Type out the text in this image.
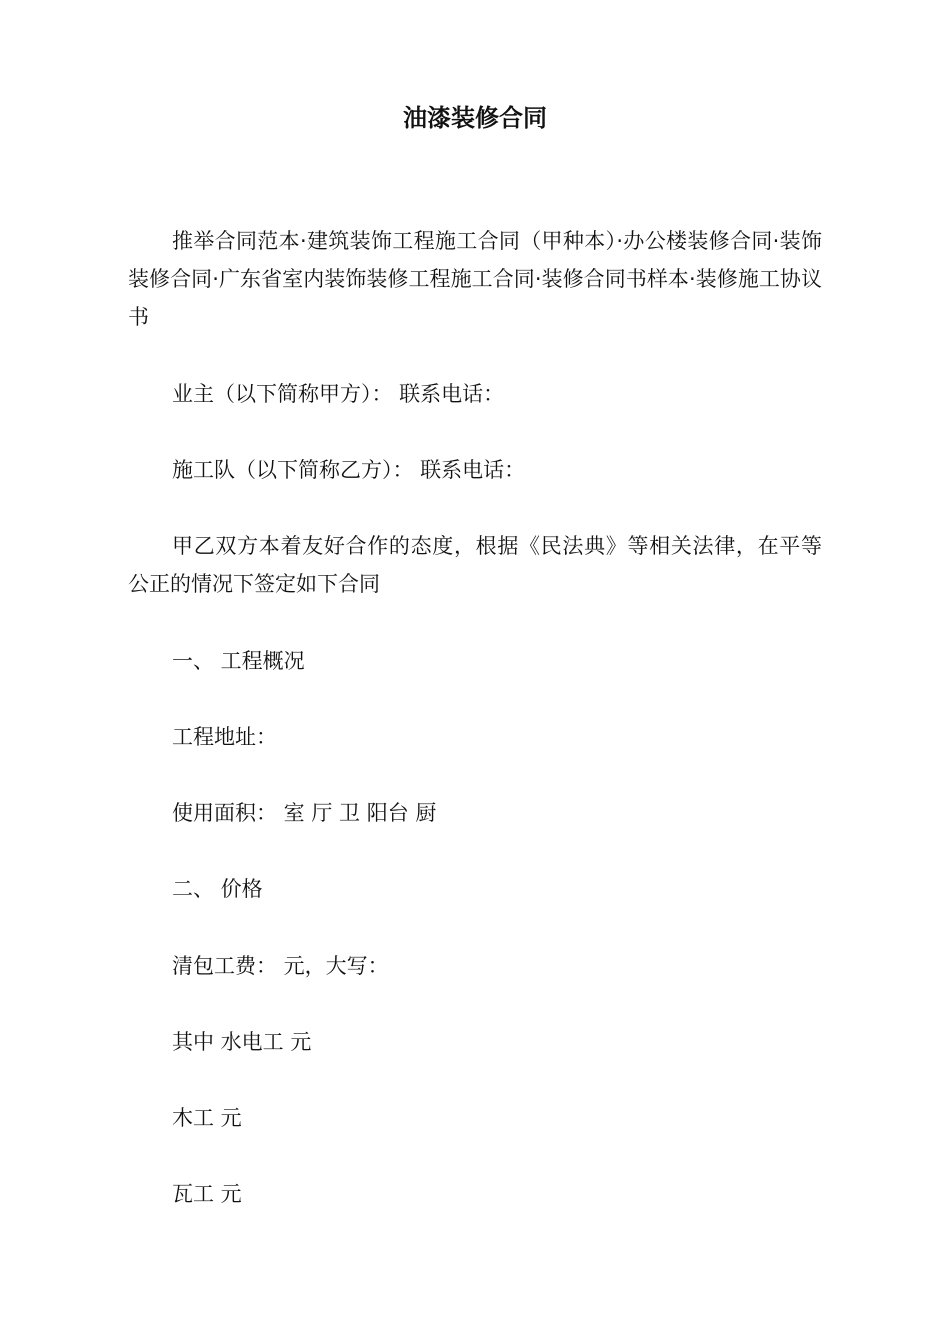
油漆装修合同
推举合同范本·建筑装饰工程施工合同（甲种本）·办公楼装修合同·装饰装修合同·广东省室内装饰装修工程施工合同·装修合同书样本·装修施工协议书
业主（以下简称甲方）： 联系电话：
施工队（以下简称乙方）： 联系电话：
甲乙双方本着友好合作的态度，根据《民法典》等相关法律，在平等公正的情况下签定如下合同
一、 工程概况
工程地址：
使用面积： 室 厅 卫 阳台 厨
二、 价格
清包工费： 元，大写：
其中 水电工 元
木工 元
瓦工 元
